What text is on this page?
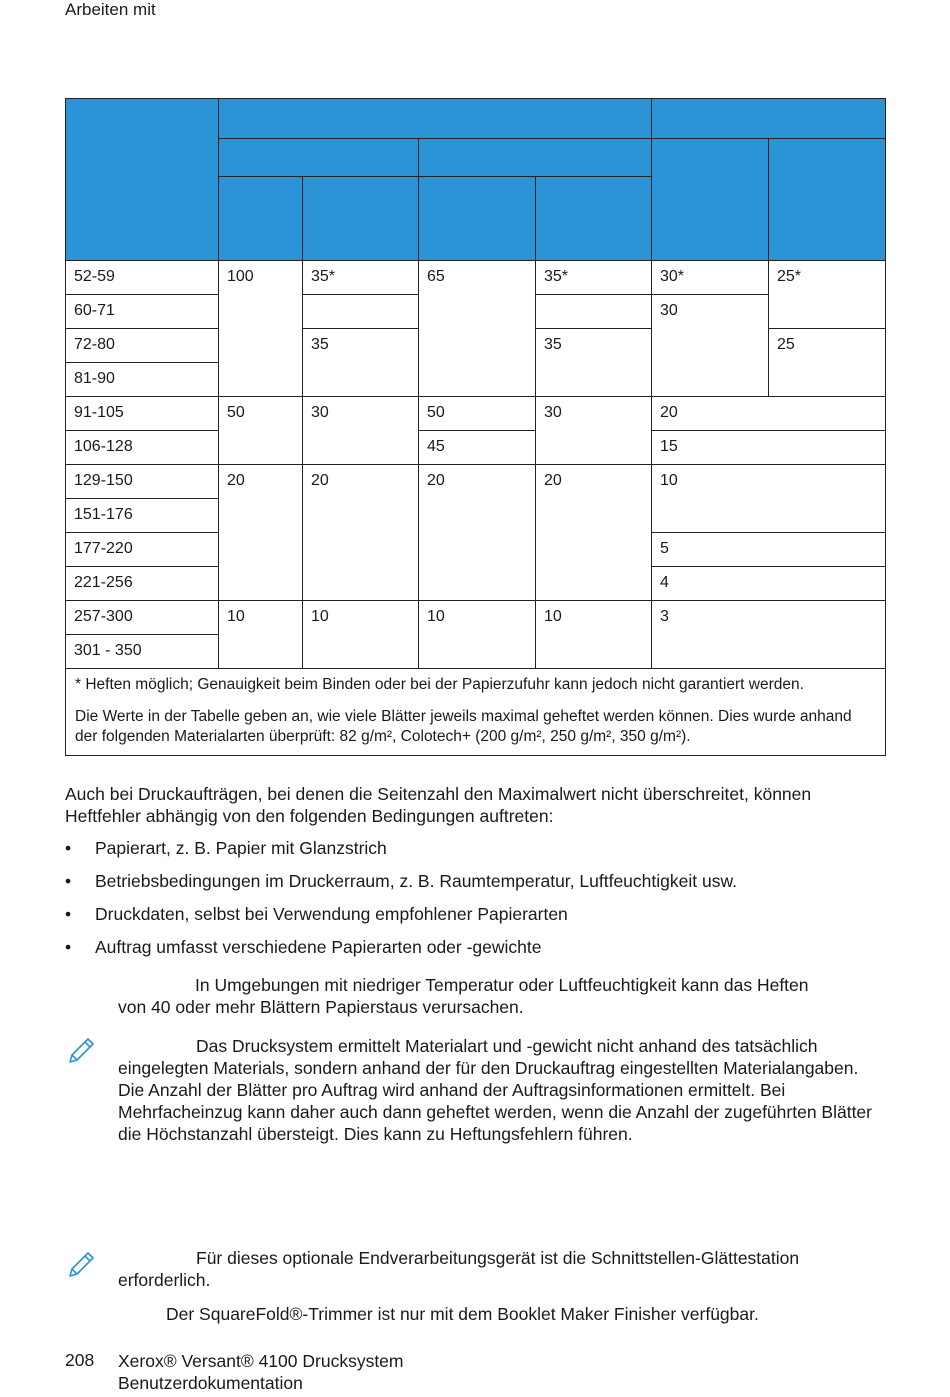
Arbeiten mit

52-59	100	35*	65	35*	30*	25*
60-71					30	
72-80		35		35		25
81-90						
91-105	50	30	50	30	20	
106-128			45		15	
129-150	20	20	20	20	10	
151-176						
177-220					5	
221-256					4	
257-300	10	10	10	10	3	
301 - 350						

* Heften möglich; Genauigkeit beim Binden oder bei der Papierzufuhr kann jedoch nicht garantiert werden.

Die Werte in der Tabelle geben an, wie viele Blätter jeweils maximal geheftet werden können. Dies wurde anhand der folgenden Materialarten überprüft: 82 g/m², Colotech+ (200 g/m², 250 g/m², 350 g/m²).						

Auch bei Druckaufträgen, bei denen die Seitenzahl den Maximalwert nicht überschreitet, können Heftfehler abhängig von den folgenden Bedingungen auftreten:
• Papierart, z. B. Papier mit Glanzstrich
• Betriebsbedingungen im Druckerraum, z. B. Raumtemperatur, Luftfeuchtigkeit usw.
• Druckdaten, selbst bei Verwendung empfohlener Papierarten
• Auftrag umfasst verschiedene Papierarten oder -gewichte
In Umgebungen mit niedriger Temperatur oder Luftfeuchtigkeit kann das Heften
von 40 oder mehr Blättern Papierstaus verursachen.
Das Drucksystem ermittelt Materialart und -gewicht nicht anhand des tatsächlich
eingelegten Materials, sondern anhand der für den Druckauftrag eingestellten Materialangaben. Die Anzahl der Blätter pro Auftrag wird anhand der Auftragsinformationen ermittelt. Bei Mehrfacheinzug kann daher auch dann geheftet werden, wenn die Anzahl der zugeführten Blätter die Höchstanzahl übersteigt. Dies kann zu Heftungsfehlern führen.
Für dieses optionale Endverarbeitungsgerät ist die Schnittstellen-Glättestation
erforderlich.
Der SquareFold®-Trimmer ist nur mit dem Booklet Maker Finisher verfügbar.
208 Xerox® Versant® 4100 Drucksystem
Benutzerdokumentation
